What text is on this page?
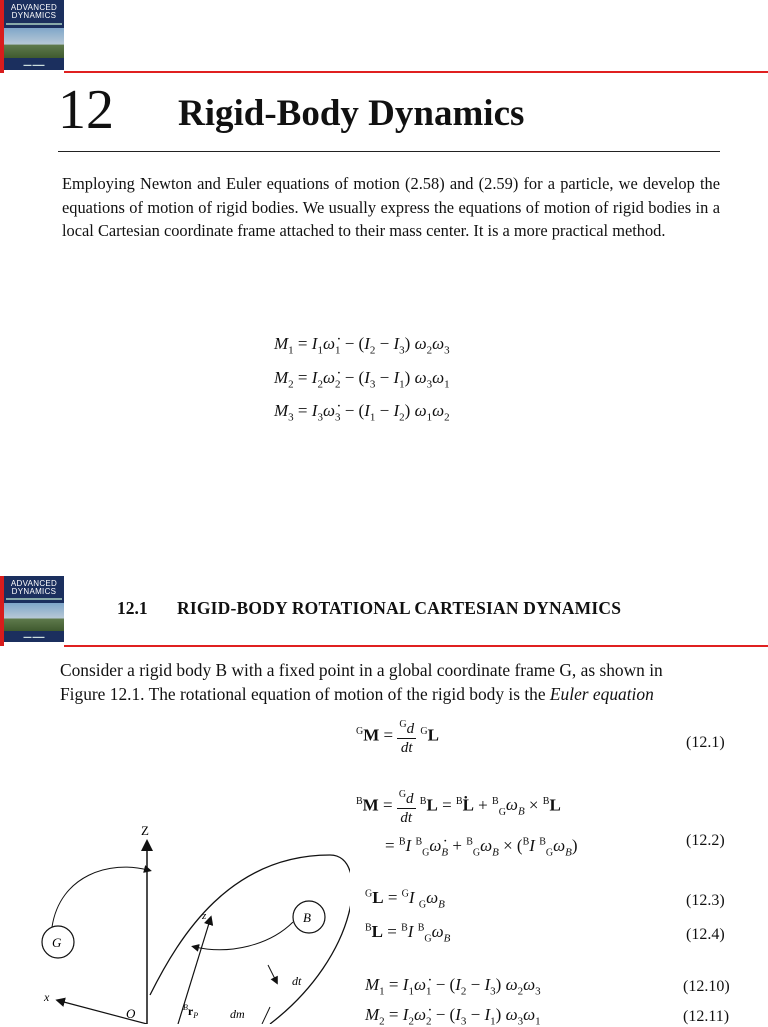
ADVANCED
DYNAMICS
▬▬ ▬▬▬
12 Rigid-Body Dynamics
Employing Newton and Euler equations of motion (2.58) and (2.59) for a particle, we develop the equations of motion of rigid bodies. We usually express the equations of motion of rigid bodies in a local Cartesian coordinate frame attached to their mass center. It is a more practical method.
$M_1$ = $I_1\omegȧ_1 - (I_2 - I_3)$ $\omega_2\omega_3$
$M_2$ = $I_2\omegȧ_2 - (I_3 - I_1)$ $\omega_3\omega_1$
$M_3$ = $I_3\omegȧ_3 - (I_1 - I_2)$ $\omega_1\omega_2$
ADVANCED
DYNAMICS
▬▬ ▬▬▬
12.1 RIGID-BODY ROTATIONAL CARTESIAN DYNAMICS
Consider a rigid body B with a fixed point in a global coordinate frame G, as shown in
Figure 12.1. The rotational equation of motion of the rigid body is the Euler equation
$^GM = \frac{^Gd}{dt} ^GL$	(12.1)
$^BM = \frac{^Gd}{dt} ^BL$ = $^B$L̇ + $^B_G\omega_B \times ^BL$
= $^B$I $^B_G\omegȧ_B + ^B_G\omega_B \times (^BI$ $^B_G\omega_B$)	(12.2)
$^G$L = $^G$I $_G\omega_B$	(12.3)
$^B$L = $^B$I $^B_G\omega_B$	(12.4)
$M_1$ = $I_1\omegȧ_1 - (I_2 - I_3)$ $\omega_2\omega_3$	(12.10)
$M_2$ = $I_2\omegȧ_2 - (I_3 - I_1)$ $\omega_3\omega_1$	(12.11)
Z
x
O
z
G
B
dt
$^Br_P$	dm
